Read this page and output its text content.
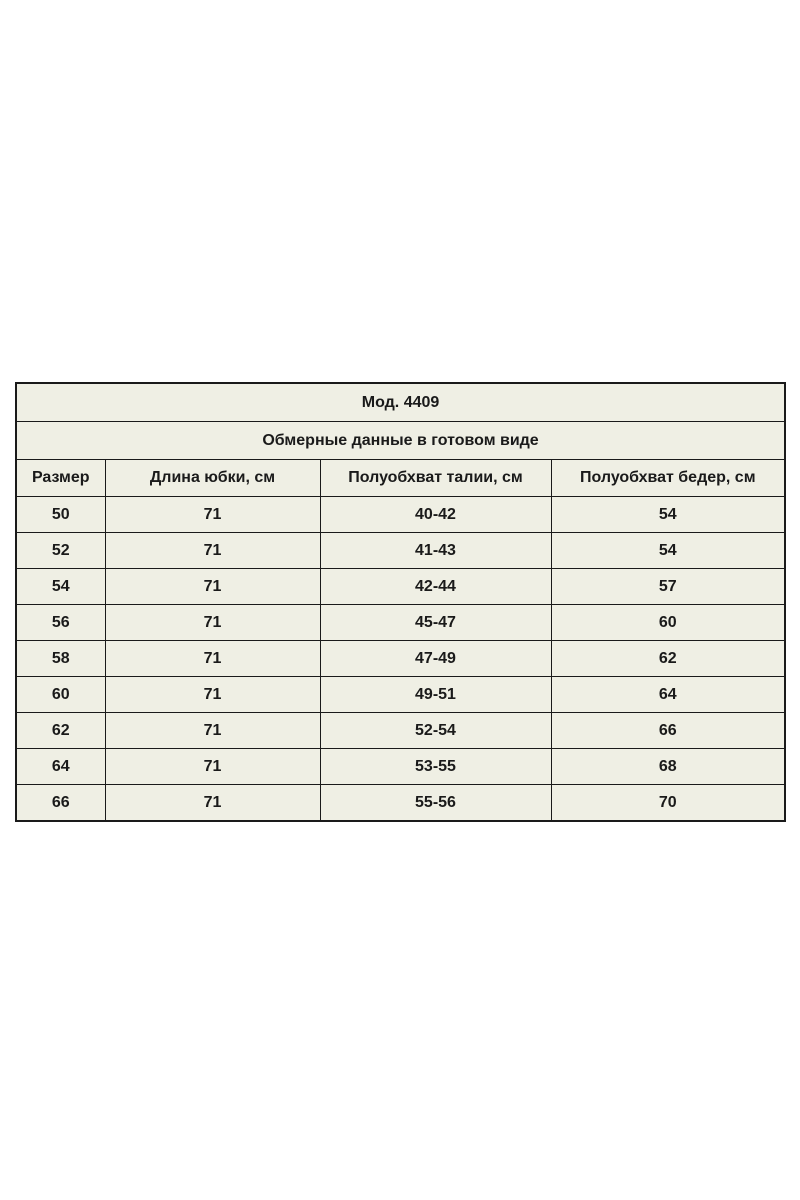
Мод. 4409			
Обмерные данные в готовом виде			
Размер	Длина юбки, см	Полуобхват талии, см	Полуобхват бедер, см
50	71	40-42	54
52	71	41-43	54
54	71	42-44	57
56	71	45-47	60
58	71	47-49	62
60	71	49-51	64
62	71	52-54	66
64	71	53-55	68
66	71	55-56	70
